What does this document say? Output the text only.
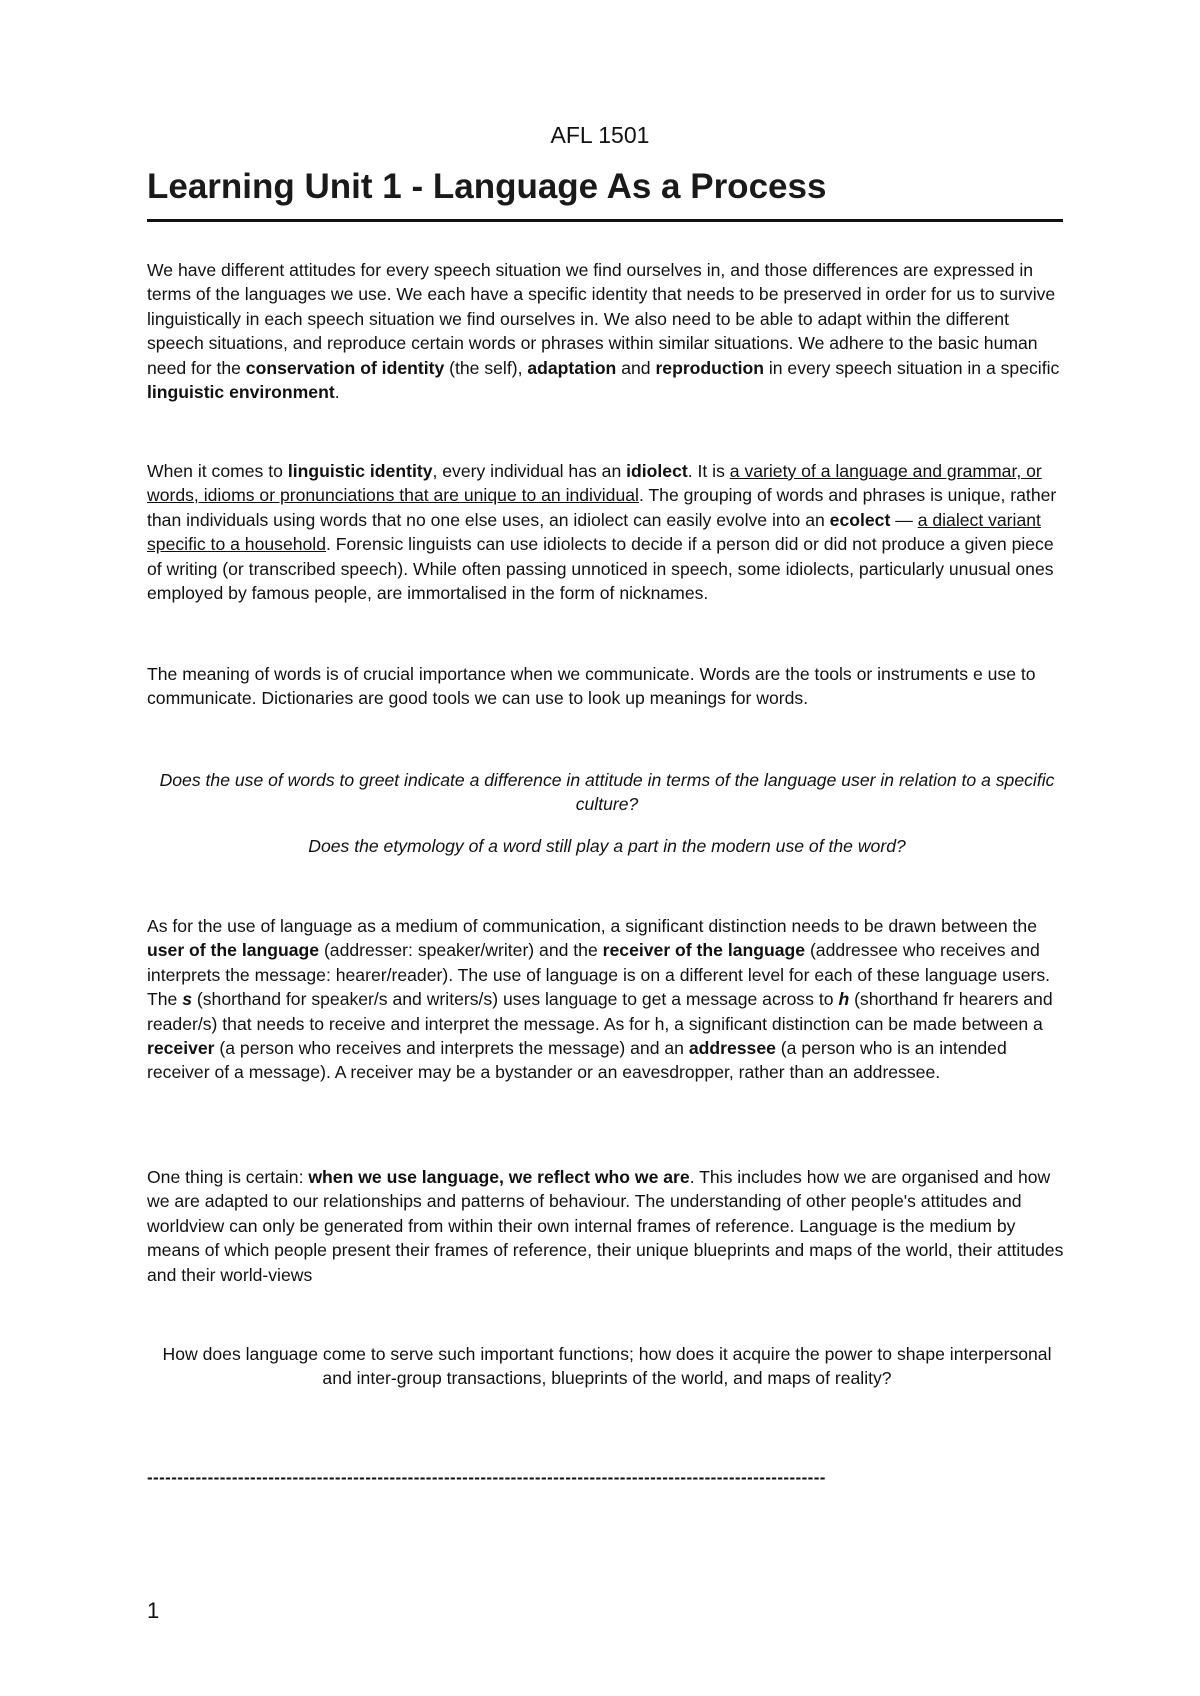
AFL 1501
Learning Unit 1 - Language As a Process

We have different attitudes for every speech situation we find ourselves in, and those differences are expressed in terms of the languages we use. We each have a specific identity that needs to be preserved in order for us to survive linguistically in each speech situation we find ourselves in. We also need to be able to adapt within the different speech situations, and reproduce certain words or phrases within similar situations. We adhere to the basic human need for the conservation of identity (the self), adaptation and reproduction in every speech situation in a specific linguistic environment.

When it comes to linguistic identity, every individual has an idiolect. It is a variety of a language and grammar, or words, idioms or pronunciations that are unique to an individual. The grouping of words and phrases is unique, rather than individuals using words that no one else uses, an idiolect can easily evolve into an ecolect — a dialect variant specific to a household. Forensic linguists can use idiolects to decide if a person did or did not produce a given piece of writing (or transcribed speech). While often passing unnoticed in speech, some idiolects, particularly unusual ones employed by famous people, are immortalised in the form of nicknames.

The meaning of words is of crucial importance when we communicate. Words are the tools or instruments e use to communicate. Dictionaries are good tools we can use to look up meanings for words.

Does the use of words to greet indicate a difference in attitude in terms of the language user in relation to a specific culture?

Does the etymology of a word still play a part in the modern use of the word?

As for the use of language as a medium of communication, a significant distinction needs to be drawn between the user of the language (addresser: speaker/writer) and the receiver of the language (addressee who receives and interprets the message: hearer/reader). The use of language is on a different level for each of these language users. The s (shorthand for speaker/s and writers/s) uses language to get a message across to h (shorthand fr hearers and reader/s) that needs to receive and interpret the message. As for h, a significant distinction can be made between a receiver (a person who receives and interprets the message) and an addressee (a person who is an intended receiver of a message). A receiver may be a bystander or an eavesdropper, rather than an addressee.

One thing is certain: when we use language, we reflect who we are. This includes how we are organised and how we are adapted to our relationships and patterns of behaviour. The understanding of other people's attitudes and worldview can only be generated from within their own internal frames of reference. Language is the medium by means of which people present their frames of reference, their unique blueprints and maps of the world, their attitudes and their world-views

How does language come to serve such important functions; how does it acquire the power to shape interpersonal and inter-group transactions, blueprints of the world, and maps of reality?

----------------------------------------------------------------------------------------------------------------
1
